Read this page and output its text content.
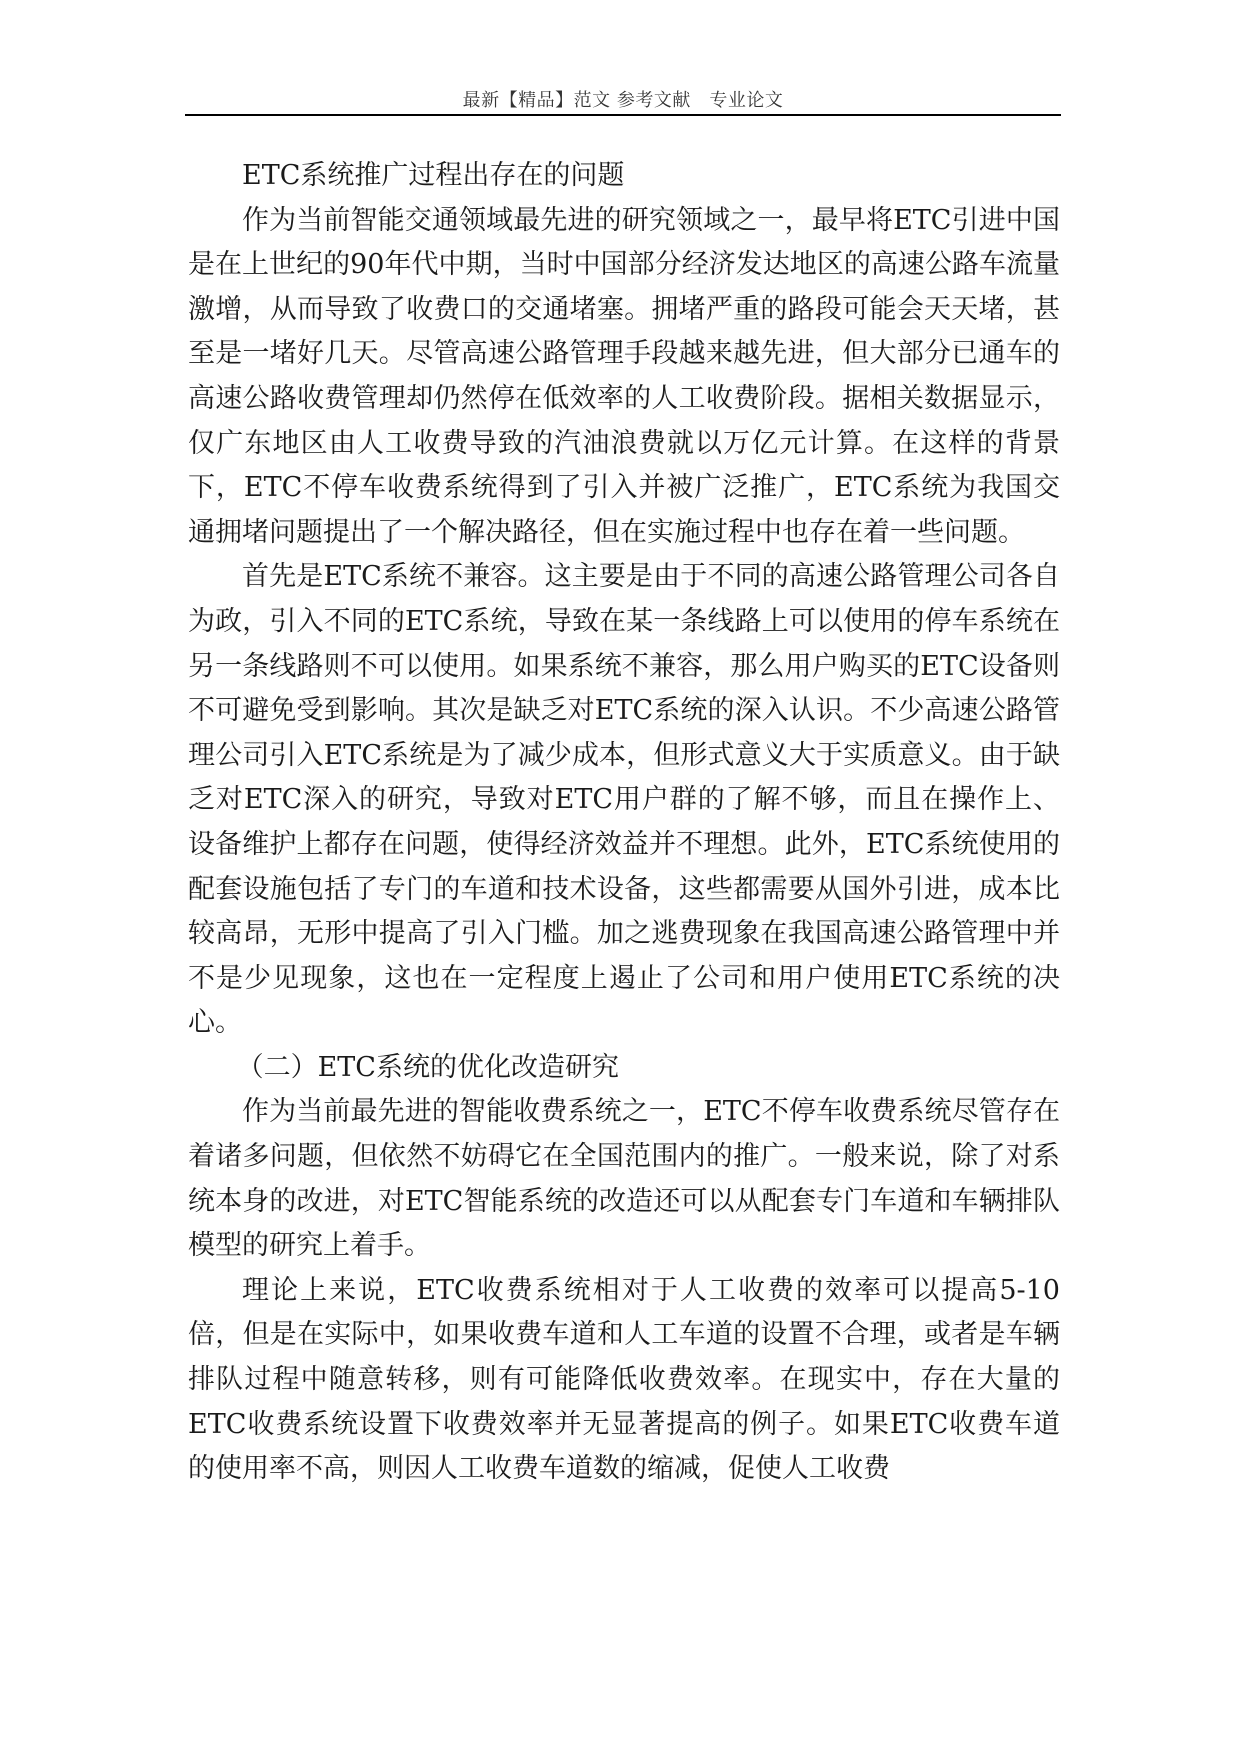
最新【精品】范文 参考文献　专业论文

ETC系统推广过程出存在的问题

作为当前智能交通领域最先进的研究领域之一，最早将ETC引进中国是在上世纪的90年代中期，当时中国部分经济发达地区的高速公路车流量激增，从而导致了收费口的交通堵塞。拥堵严重的路段可能会天天堵，甚至是一堵好几天。尽管高速公路管理手段越来越先进，但大部分已通车的高速公路收费管理却仍然停在低效率的人工收费阶段。据相关数据显示，仅广东地区由人工收费导致的汽油浪费就以万亿元计算。在这样的背景下，ETC不停车收费系统得到了引入并被广泛推广，ETC系统为我国交通拥堵问题提出了一个解决路径，但在实施过程中也存在着一些问题。

首先是ETC系统不兼容。这主要是由于不同的高速公路管理公司各自为政，引入不同的ETC系统，导致在某一条线路上可以使用的停车系统在另一条线路则不可以使用。如果系统不兼容，那么用户购买的ETC设备则不可避免受到影响。其次是缺乏对ETC系统的深入认识。不少高速公路管理公司引入ETC系统是为了减少成本，但形式意义大于实质意义。由于缺乏对ETC深入的研究，导致对ETC用户群的了解不够，而且在操作上、设备维护上都存在问题，使得经济效益并不理想。此外，ETC系统使用的配套设施包括了专门的车道和技术设备，这些都需要从国外引进，成本比较高昂，无形中提高了引入门槛。加之逃费现象在我国高速公路管理中并不是少见现象，这也在一定程度上遏止了公司和用户使用ETC系统的决心。

（二）ETC系统的优化改造研究

作为当前最先进的智能收费系统之一，ETC不停车收费系统尽管存在着诸多问题，但依然不妨碍它在全国范围内的推广。一般来说，除了对系统本身的改进，对ETC智能系统的改造还可以从配套专门车道和车辆排队模型的研究上着手。

理论上来说，ETC收费系统相对于人工收费的效率可以提高5-10倍，但是在实际中，如果收费车道和人工车道的设置不合理，或者是车辆排队过程中随意转移，则有可能降低收费效率。在现实中，存在大量的ETC收费系统设置下收费效率并无显著提高的例子。如果ETC收费车道的使用率不高，则因人工收费车道数的缩减，促使人工收费
